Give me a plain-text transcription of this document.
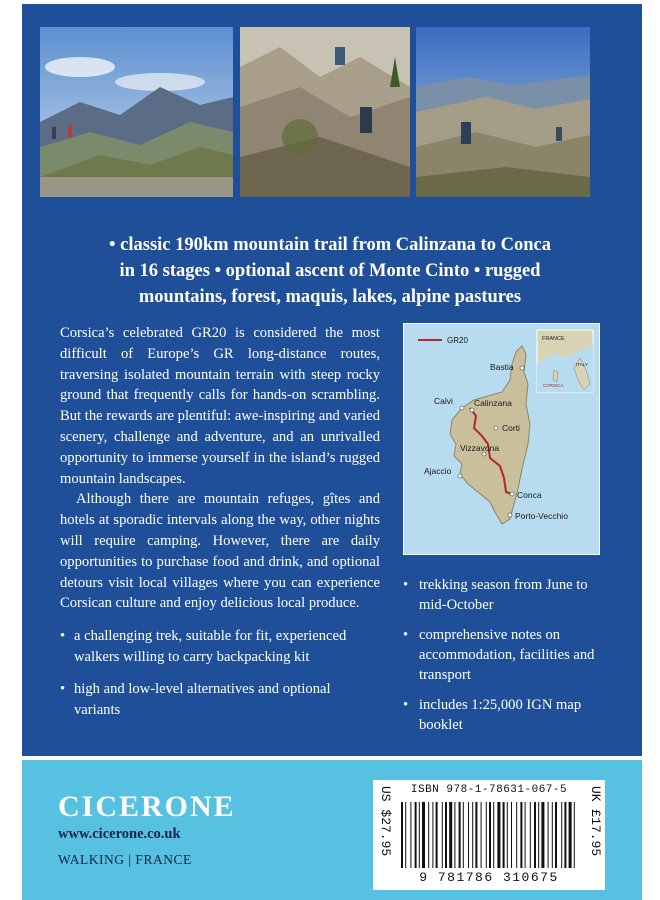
• classic 190km mountain trail from Calinzana to Conca
in 16 stages • optional ascent of Monte Cinto • rugged
mountains, forest, maquis, lakes, alpine pastures

Corsica’s celebrated GR20 is considered the most difficult of Europe’s GR long-distance routes, traversing isolated mountain terrain with steep rocky ground that frequently calls for hands-on scrambling. But the rewards are plentiful: awe-inspiring and varied scenery, challenge and adventure, and an unrivalled opportunity to immerse yourself in the island’s rugged mountain landscapes.

Although there are mountain refuges, gîtes and hotels at sporadic intervals along the way, other nights will require camping. However, there are daily opportunities to purchase food and drink, and optional detours visit local villages where you can experience Corsican culture and enjoy delicious local produce.

• a challenging trek, suitable for fit, experienced walkers willing to carry backpacking kit
• high and low-level alternatives and optional variants
GR20	FRANCE
ITALY
CORSICA
Bastia
Calvi Calinzana
Corti
Vizzavona
Ajaccio
Conca
Porto-Vecchio
• trekking season from June to mid-October
• comprehensive notes on accommodation, facilities and transport
• includes 1:25,000 IGN map booklet
CICERONE
www.cicerone.co.uk
WALKING | FRANCE
US $27.95	ISBN 978-1-78631-067-5
9 781786 310675
UK £17.95
